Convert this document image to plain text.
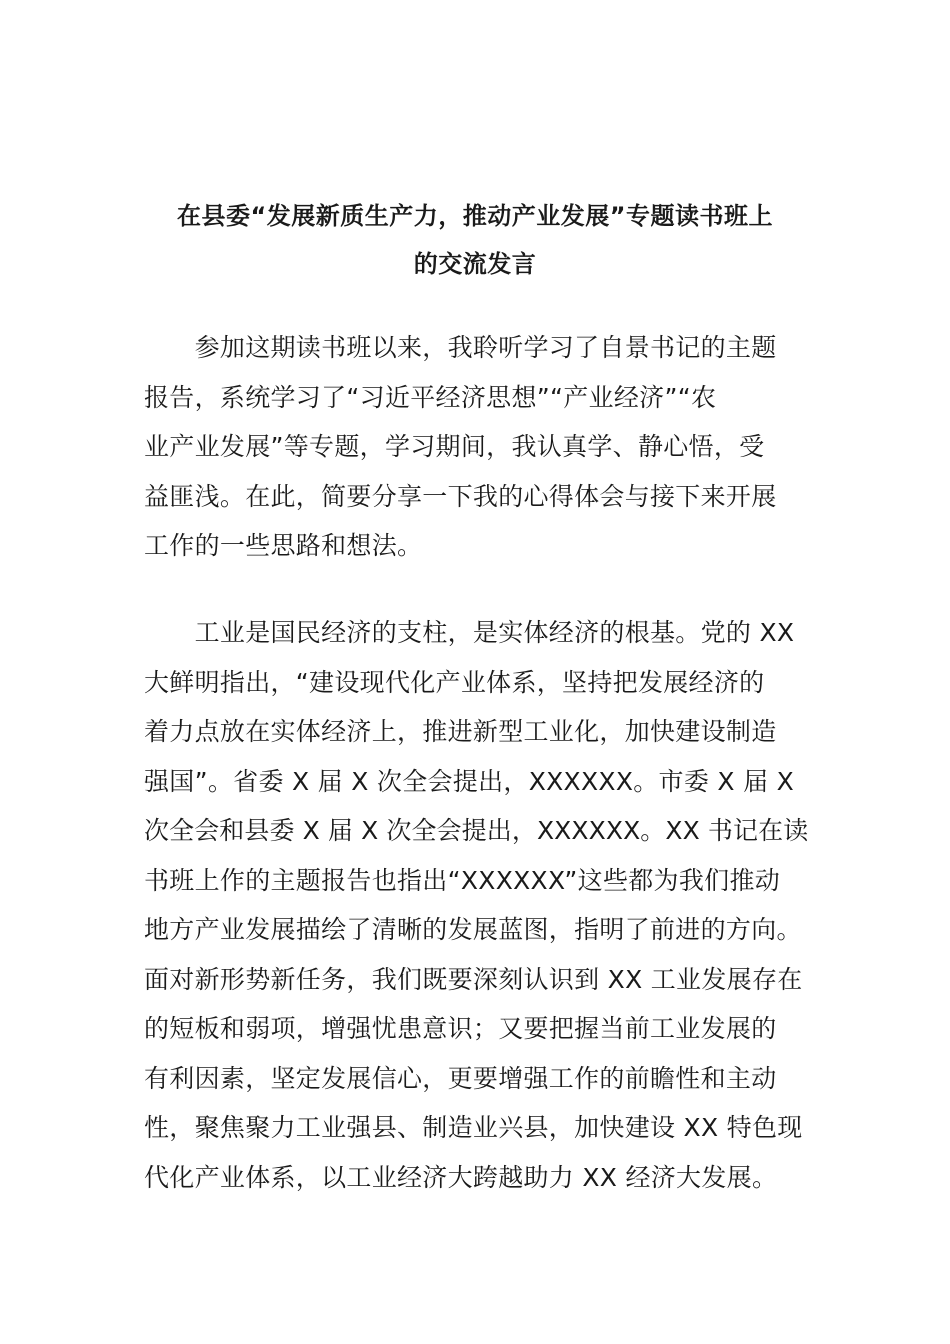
在县委“发展新质生产力，推动产业发展”专题读书班上
的交流发言
　　参加这期读书班以来，我聆听学习了自景书记的主题
报告，系统学习了“习近平经济思想”“产业经济”“农
业产业发展”等专题，学习期间，我认真学、静心悟，受
益匪浅。在此，简要分享一下我的心得体会与接下来开展
工作的一些思路和想法。
　　工业是国民经济的支柱，是实体经济的根基。党的 XX
大鲜明指出，“建设现代化产业体系，坚持把发展经济的
着力点放在实体经济上，推进新型工业化，加快建设制造
强国”。省委 X 届 X 次全会提出，XXXXXX。市委 X 届 X
次全会和县委 X 届 X 次全会提出，XXXXXX。XX 书记在读
书班上作的主题报告也指出“XXXXXX”这些都为我们推动
地方产业发展描绘了清晰的发展蓝图，指明了前进的方向。
面对新形势新任务，我们既要深刻认识到 XX 工业发展存在
的短板和弱项，增强忧患意识；又要把握当前工业发展的
有利因素，坚定发展信心，更要增强工作的前瞻性和主动
性，聚焦聚力工业强县、制造业兴县，加快建设 XX 特色现
代化产业体系，以工业经济大跨越助力 XX 经济大发展。
